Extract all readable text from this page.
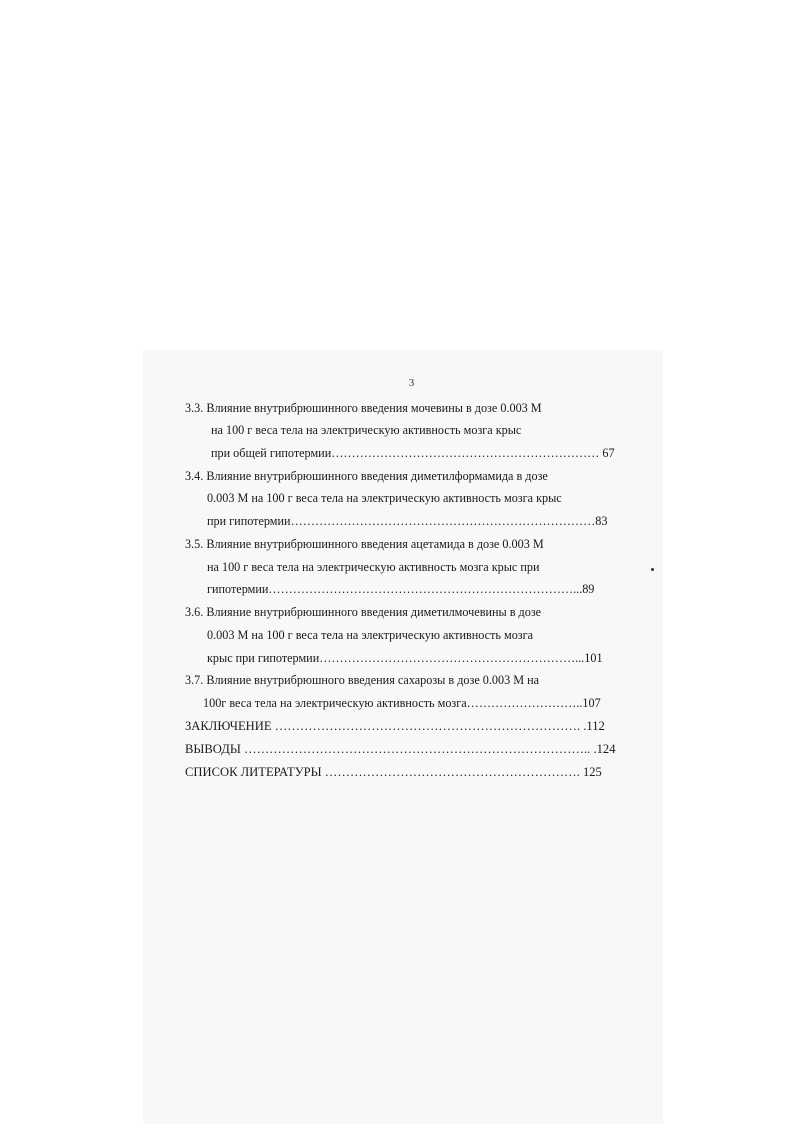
3
3.3. Влияние внутрибрюшинного введения мочевины в дозе 0.003 М
на 100 г веса тела на электрическую активность мозга крыс
при общей гипотермии………………………………………………………… 67
3.4. Влияние внутрибрюшинного введения диметилформамида в дозе
0.003 М на 100 г веса тела на электрическую активность мозга крыс
при гипотермии…………………………………………………………………83
3.5. Влияние внутрибрюшинного введения ацетамида в дозе 0.003 М
на 100 г веса тела на электрическую активность мозга крыс при
гипотермии…………………………………………………………………...89
3.6. Влияние внутрибрюшинного введения диметилмочевины в дозе
0.003 М на 100 г веса тела на электрическую активность мозга
крыс при гипотермии………………………………………………………...101
3.7. Влияние внутрибрюшного введения сахарозы в дозе 0.003 М на
100г веса тела на электрическую активность мозга………………………..107
ЗАКЛЮЧЕНИЕ ………………………………………………………………. .112
ВЫВОДЫ ……………………………………………………………………….. .124
СПИСОК ЛИТЕРАТУРЫ ……………………………………………………. 125
